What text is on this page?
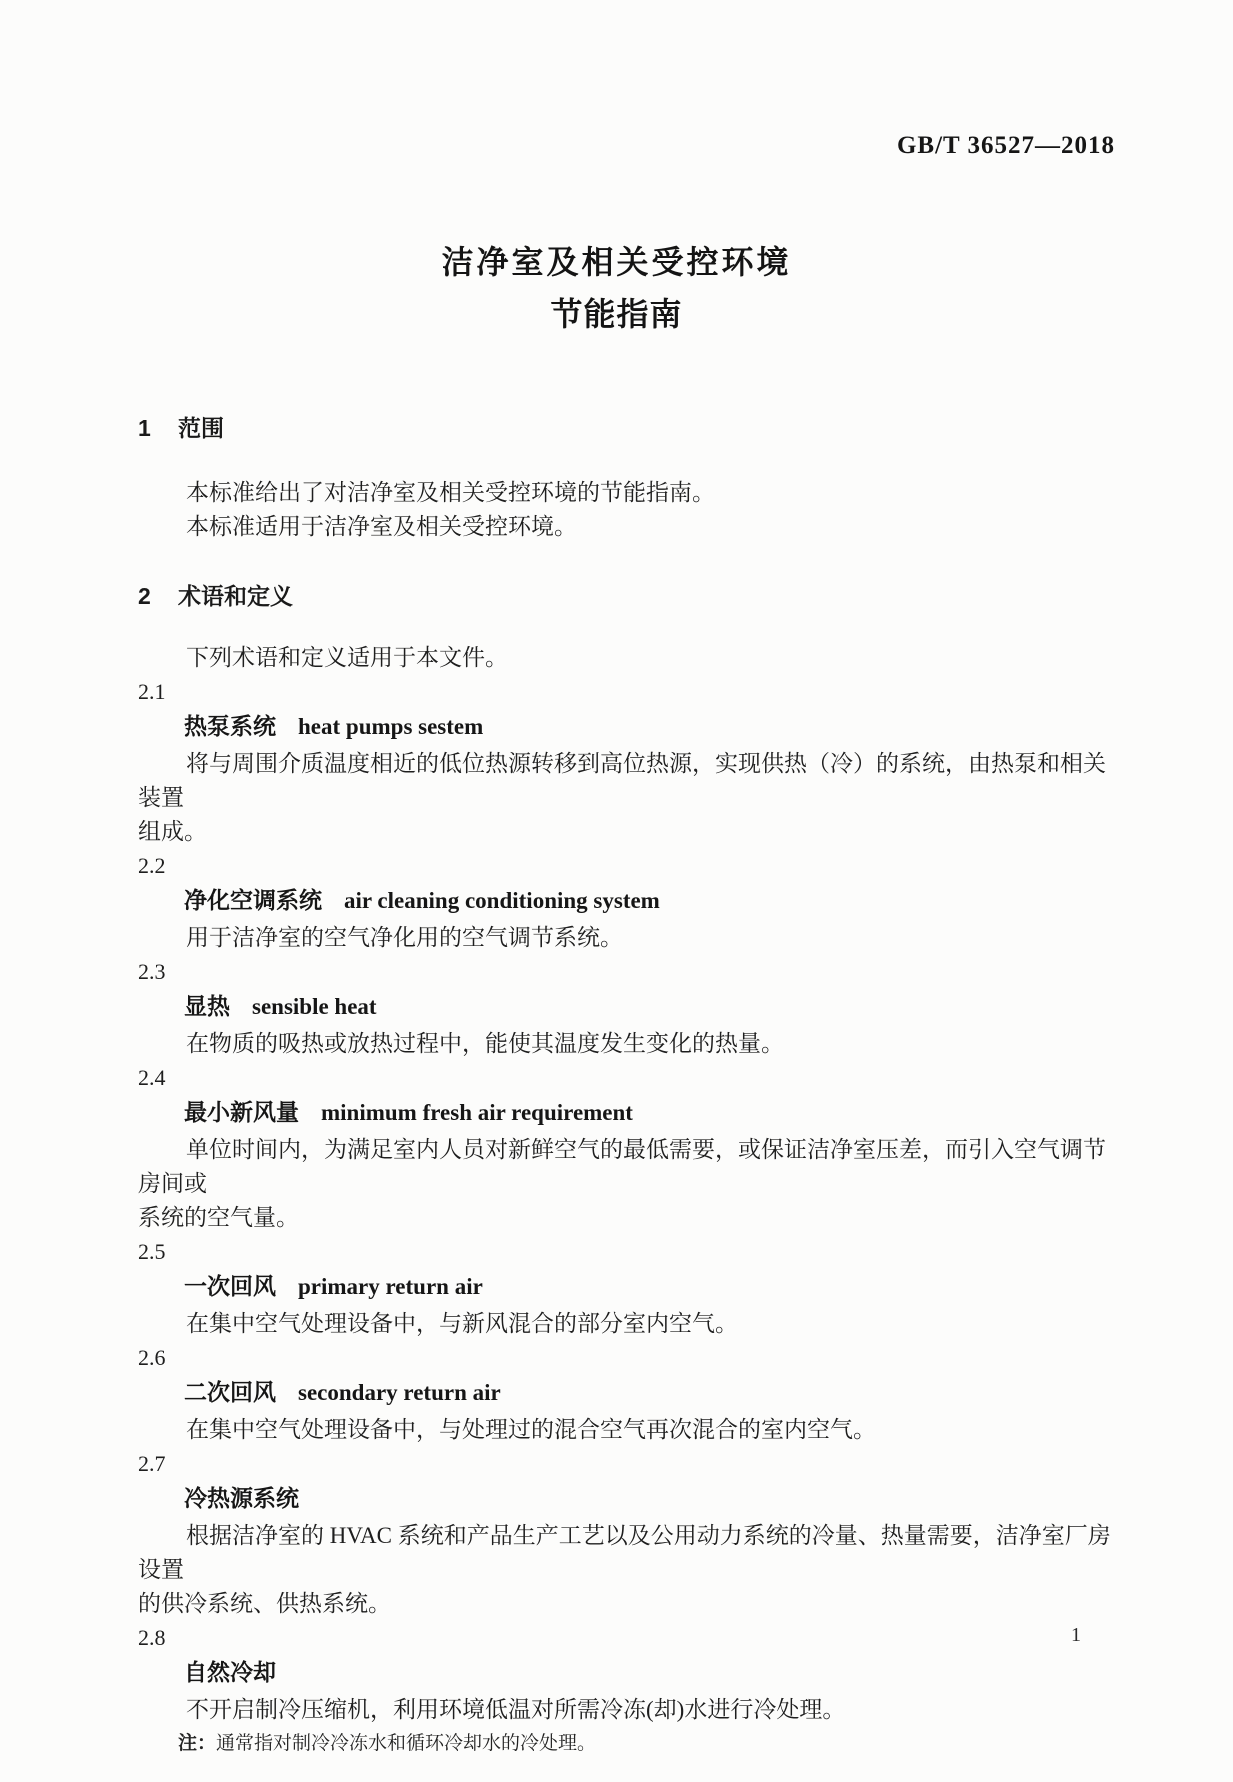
GB/T 36527—2018
洁净室及相关受控环境
节能指南
1 范围
本标准给出了对洁净室及相关受控环境的节能指南。
本标准适用于洁净室及相关受控环境。
2 术语和定义
下列术语和定义适用于本文件。
2.1
热泵系统 heat pumps sestem
将与周围介质温度相近的低位热源转移到高位热源，实现供热（冷）的系统，由热泵和相关装置
组成。
2.2
净化空调系统 air cleaning conditioning system
用于洁净室的空气净化用的空气调节系统。
2.3
显热 sensible heat
在物质的吸热或放热过程中，能使其温度发生变化的热量。
2.4
最小新风量 minimum fresh air requirement
单位时间内，为满足室内人员对新鲜空气的最低需要，或保证洁净室压差，而引入空气调节房间或
系统的空气量。
2.5
一次回风 primary return air
在集中空气处理设备中，与新风混合的部分室内空气。
2.6
二次回风 secondary return air
在集中空气处理设备中，与处理过的混合空气再次混合的室内空气。
2.7
冷热源系统
根据洁净室的 HVAC 系统和产品生产工艺以及公用动力系统的冷量、热量需要，洁净室厂房设置
的供冷系统、供热系统。
2.8
自然冷却
不开启制冷压缩机，利用环境低温对所需冷冻(却)水进行冷处理。
注：通常指对制冷冷冻水和循环冷却水的冷处理。
1
